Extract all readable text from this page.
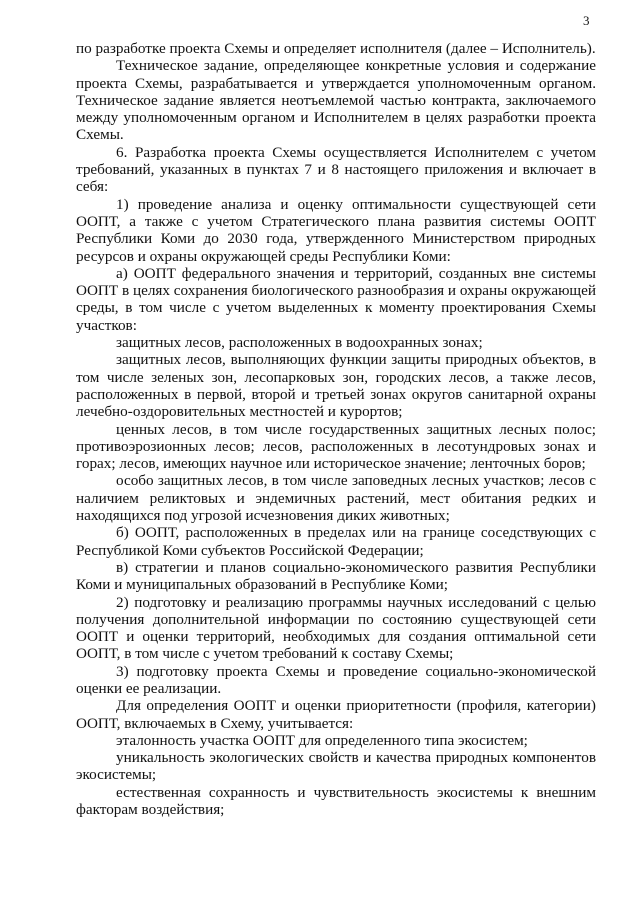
3

по разработке проекта Схемы и определяет исполнителя (далее – Исполнитель).

Техническое задание, определяющее конкретные условия и содержание проекта Схемы, разрабатывается и утверждается уполномоченным органом. Техническое задание является неотъемлемой частью контракта, заключаемого между уполномоченным органом и Исполнителем в целях разработки проекта Схемы.

6. Разработка проекта Схемы осуществляется Исполнителем с учетом требований, указанных в пунктах 7 и 8 настоящего приложения и включает в себя:

1) проведение анализа и оценку оптимальности существующей сети ООПТ, а также с учетом Стратегического плана развития системы ООПТ Республики Коми до 2030 года, утвержденного Министерством природных ресурсов и охраны окружающей среды Республики Коми:

а) ООПТ федерального значения и территорий, созданных вне системы ООПТ в целях сохранения биологического разнообразия и охраны окружающей среды, в том числе с учетом выделенных к моменту проектирования Схемы участков:

защитных лесов, расположенных в водоохранных зонах;

защитных лесов, выполняющих функции защиты природных объектов, в том числе зеленых зон, лесопарковых зон, городских лесов, а также лесов, расположенных в первой, второй и третьей зонах округов санитарной охраны лечебно-оздоровительных местностей и курортов;

ценных лесов, в том числе государственных защитных лесных полос; противоэрозионных лесов; лесов, расположенных в лесотундровых зонах и горах; лесов, имеющих научное или историческое значение; ленточных боров;

особо защитных лесов, в том числе заповедных лесных участков; лесов с наличием реликтовых и эндемичных растений, мест обитания редких и находящихся под угрозой исчезновения диких животных;

б) ООПТ, расположенных в пределах или на границе соседствующих с Республикой Коми субъектов Российской Федерации;

в) стратегии и планов социально-экономического развития Республики Коми и муниципальных образований в Республике Коми;

2) подготовку и реализацию программы научных исследований с целью получения дополнительной информации по состоянию существующей сети ООПТ и оценки территорий, необходимых для создания оптимальной сети ООПТ, в том числе с учетом требований к составу Схемы;

3) подготовку проекта Схемы и проведение социально-экономической оценки ее реализации.

Для определения ООПТ и оценки приоритетности (профиля, категории) ООПТ, включаемых в Схему, учитывается:

эталонность участка ООПТ для определенного типа экосистем;

уникальность экологических свойств и качества природных компонентов экосистемы;

естественная сохранность и чувствительность экосистемы к внешним факторам воздействия;
